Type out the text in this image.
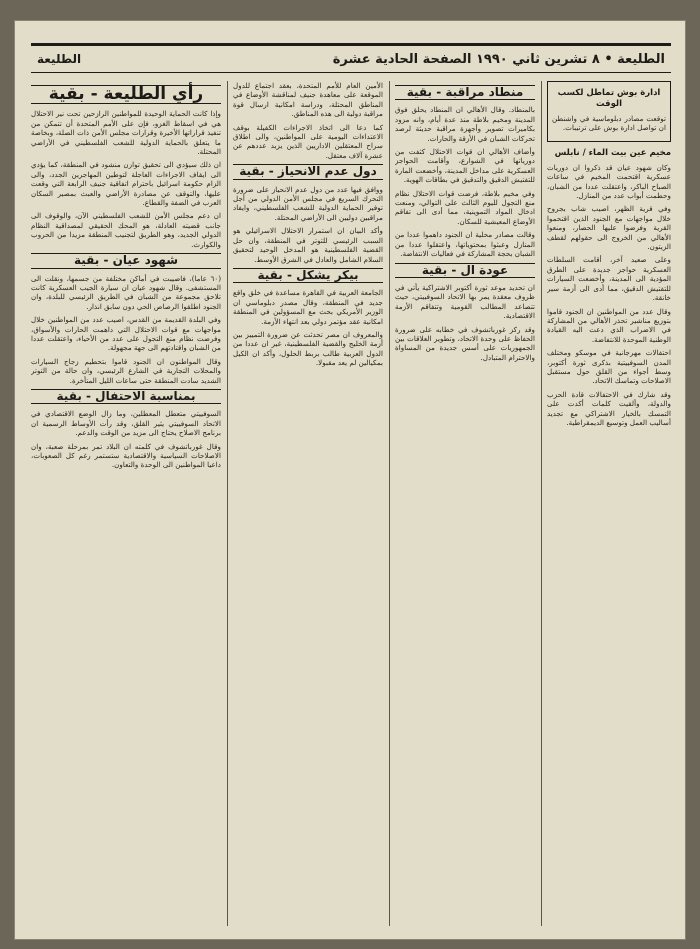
الطليعة • ٨ تشرين ثاني ١٩٩٠ الصفحة الحادية عشرة
الطليعة
رأي الطليعة - بقية

وإذا كانت الحماية الوحيدة للمواطنين الرازحين تحت نير الاحتلال هي في اسقاط الغزو، فإن على الأمم المتحدة أن تتمكن من تنفيذ قراراتها الأخيرة وقرارات مجلس الأمن ذات الصلة، وبخاصة ما يتعلق بالحماية الدولية للشعب الفلسطيني في الأراضي المحتلة.

ان ذلك سيؤدي الى تحقيق توازن منشود في المنطقة، كما يؤدي الى ايقاف الاجراءات العاجلة لتوطين المهاجرين الجدد، والى الزام حكومة اسرائيل باحترام اتفاقية جنيف الرابعة التي وقعت عليها، والتوقف عن مصادرة الأراضي والعبث بمصير السكان العرب في الضفة والقطاع.

ان دعم مجلس الأمن للشعب الفلسطيني الآن، والوقوف الى جانب قضيته العادلة، هو المحك الحقيقي لمصداقية النظام الدولي الجديد، وهو الطريق لتجنيب المنطقة مزيدا من الحروب والكوارث.

شهود عيان - بقية

(٦٠ عاما)، فاصيبت في أماكن مختلفة من جسمها، ونقلت الى المستشفى. وقال شهود عيان ان سيارة الجيب العسكرية كانت تلاحق مجموعة من الشبان في الطريق الرئيسي للبلدة، وان الجنود اطلقوا الرصاص الحي دون سابق انذار.

وفي البلدة القديمة من القدس، اصيب عدد من المواطنين خلال مواجهات مع قوات الاحتلال التي داهمت الحارات والأسواق، وفرضت نظام منع التجول على عدد من الأحياء، واعتقلت عددا من الشبان واقتادتهم الى جهة مجهولة.

وقال المواطنون ان الجنود قاموا بتحطيم زجاج السيارات والمحلات التجارية في الشارع الرئيسي، وان حالة من التوتر الشديد سادت المنطقة حتى ساعات الليل المتأخرة.

بمناسبة الاحتفال - بقية

السوفييتي متعطل المعطلين، وما زال الوضع الاقتصادي في الاتحاد السوفييتي يثير القلق، وقد رأت الأوساط الرسمية ان برنامج الاصلاح يحتاج الى مزيد من الوقت والدعم.

وقال غورباتشوف في كلمته ان البلاد تمر بمرحلة صعبة، وان الاصلاحات السياسية والاقتصادية ستستمر رغم كل الصعوبات، داعيا المواطنين الى الوحدة والتعاون.

الأمين العام للأمم المتحدة، بعقد اجتماع للدول الموقعة على معاهدة جنيف لمناقشة الأوضاع في المناطق المحتلة، ودراسة امكانية ارسال قوة مراقبة دولية الى هذه المناطق.

كما دعا الى اتخاذ الاجراءات الكفيلة بوقف الاعتداءات اليومية على المواطنين، والى اطلاق سراح المعتقلين الاداريين الذين يزيد عددهم عن عشرة آلاف معتقل.

دول عدم الانحياز - بقية

ووافق فيها عدد من دول عدم الانحياز على ضرورة التحرك السريع في مجلس الأمن الدولي من أجل توفير الحماية الدولية للشعب الفلسطيني، وايفاد مراقبين دوليين الى الأراضي المحتلة.

وأكد البيان ان استمرار الاحتلال الاسرائيلي هو السبب الرئيسي للتوتر في المنطقة، وان حل القضية الفلسطينية هو المدخل الوحيد لتحقيق السلام الشامل والعادل في الشرق الأوسط.

بيكر يشكل - بقية

الجامعة العربية في القاهرة مساعدة في خلق واقع جديد في المنطقة، وقال مصدر دبلوماسي ان الوزير الأمريكي بحث مع المسؤولين في المنطقة امكانية عقد مؤتمر دولي بعد انتهاء الأزمة.

والمعروف ان مصر تحدثت عن ضرورة التمييز بين أزمة الخليج والقضية الفلسطينية، غير ان عددا من الدول العربية طالب بربط الحلول، وأكد ان الكيل بمكيالين لم يعد مقبولا.

منطاد مراقبة - بقية

بالمنطاد. وقال الأهالي ان المنطاد يحلق فوق المدينة ومخيم بلاطة منذ عدة أيام، وانه مزود بكاميرات تصوير وأجهزة مراقبة حديثة لرصد تحركات الشبان في الأزقة والحارات.

وأضاف الأهالي ان قوات الاحتلال كثفت من دورياتها في الشوارع، وأقامت الحواجز العسكرية على مداخل المدينة، وأخضعت المارة للتفتيش الدقيق والتدقيق في بطاقات الهوية.

وفي مخيم بلاطة، فرضت قوات الاحتلال نظام منع التجول لليوم الثالث على التوالي، ومنعت ادخال المواد التموينية، مما أدى الى تفاقم الأوضاع المعيشية للسكان.

وقالت مصادر محلية ان الجنود داهموا عددا من المنازل وعبثوا بمحتوياتها، واعتقلوا عددا من الشبان بحجة المشاركة في فعاليات الانتفاضة.

عودة ال - بقية

ان تحديد موعد ثورة أكتوبر الاشتراكية يأتي في ظروف معقدة يمر بها الاتحاد السوفييتي، حيث تتصاعد المطالب القومية وتتفاقم الأزمة الاقتصادية.

وقد ركز غورباتشوف في خطابه على ضرورة الحفاظ على وحدة الاتحاد، وتطوير العلاقات بين الجمهوريات على أسس جديدة من المساواة والاحترام المتبادل.

ادارة بوش تماطل لكسب الوقت

توقعت مصادر دبلوماسية في واشنطن ان تواصل ادارة بوش على ترتيبات.

مخيم عين بيت الماء / نابلس

وكان شهود عيان قد ذكروا ان دوريات عسكرية اقتحمت المخيم في ساعات الصباح الباكر، واعتقلت عددا من الشبان، وحطمت أبواب عدد من المنازل.

وفي قرية الظهر، اصيب شاب بجروح خلال مواجهات مع الجنود الذين اقتحموا القرية وفرضوا عليها الحصار، ومنعوا الأهالي من الخروج الى حقولهم لقطف الزيتون.

وعلى صعيد آخر، أقامت السلطات العسكرية حواجز جديدة على الطرق المؤدية الى المدينة، وأخضعت السيارات للتفتيش الدقيق، مما أدى الى أزمة سير خانقة.

وقال عدد من المواطنين ان الجنود قاموا بتوزيع مناشير تحذر الأهالي من المشاركة في الاضراب الذي دعت اليه القيادة الوطنية الموحدة للانتفاضة.

احتفالات مهرجانية في موسكو ومختلف المدن السوفييتية بذكرى ثورة أكتوبر، وسط أجواء من القلق حول مستقبل الاصلاحات وتماسك الاتحاد.

وقد شارك في الاحتفالات قادة الحزب والدولة، وألقيت كلمات أكدت على التمسك بالخيار الاشتراكي مع تجديد أساليب العمل وتوسيع الديمقراطية.
